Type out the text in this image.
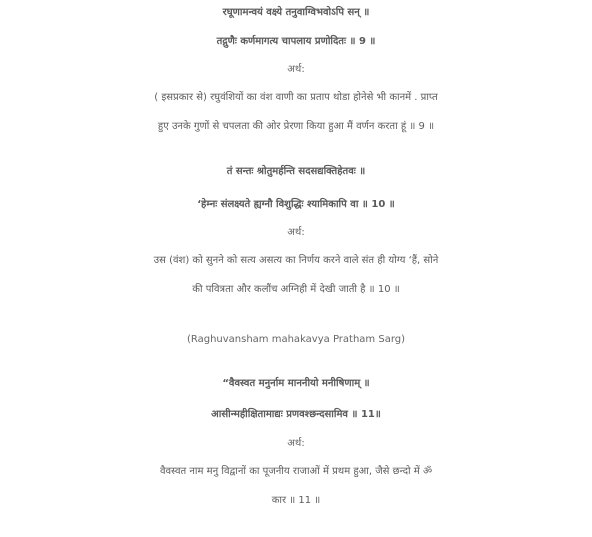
रघूणामन्वयं वक्ष्ये तनुवाग्विभवोऽपि सन् ॥
तद्गुणैः कर्णमागत्य चापलाय प्रणोदितः ॥ 9 ॥
अर्थ:
( इसप्रकार से) रघुवंशियों का वंश वाणी का प्रताप थोडा होनेसे भी कानमें . प्राप्त
हुए उनके गुणों से चपलता की ओर प्रेरणा किया हुआ मैं वर्णन करता हूं ॥ 9 ॥
तं सन्तः श्रोतुमर्हन्ति सदसद्यक्तिहेतवः ॥
‘हेम्नः संलक्ष्यते ह्यग्नौ विशुद्धिः श्यामिकापि वा ॥ 10 ॥
अर्थ:
उस (वंश) को सुनने को सत्य असत्य का निर्णय करने वाले संत ही योग्य ‘हैं, सोने
की पवित्रता और कलौंच अग्निही में देखी जाती है ॥ 10 ॥
(Raghuvansham mahakavya Pratham Sarg)
“वैवस्वत मनुर्नाम माननीयो मनीषिणाम् ॥
आसीन्महीक्षितामाद्यः प्रणवश्छन्दसामिव ॥ 11॥
अर्थ:
वैवस्वत नाम मनु विद्वानों का पूजनीय राजाओं में प्रथम हुआ, जैसे छन्दो में ॐ
कार ॥ 11 ॥
